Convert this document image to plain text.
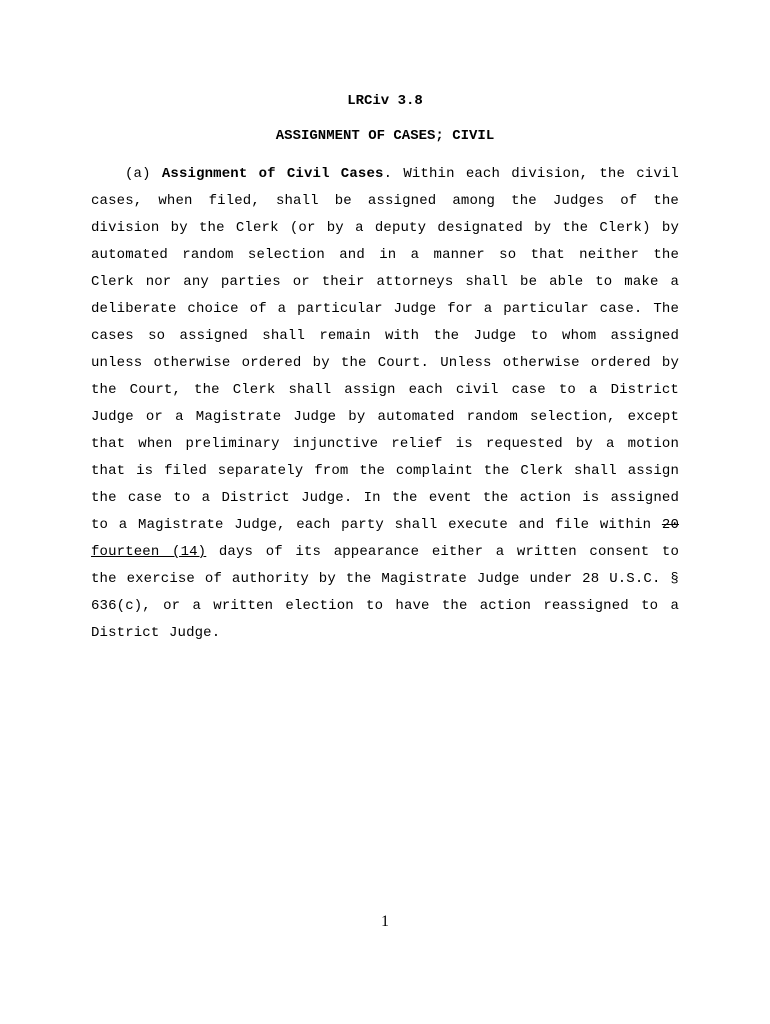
LRCiv 3.8

ASSIGNMENT OF CASES; CIVIL

(a) Assignment of Civil Cases. Within each division, the civil cases, when filed, shall be assigned among the Judges of the division by the Clerk (or by a deputy designated by the Clerk) by automated random selection and in a manner so that neither the Clerk nor any parties or their attorneys shall be able to make a deliberate choice of a particular Judge for a particular case. The cases so assigned shall remain with the Judge to whom assigned unless otherwise ordered by the Court. Unless otherwise ordered by the Court, the Clerk shall assign each civil case to a District Judge or a Magistrate Judge by automated random selection, except that when preliminary injunctive relief is requested by a motion that is filed separately from the complaint the Clerk shall assign the case to a District Judge. In the event the action is assigned to a Magistrate Judge, each party shall execute and file within 20 fourteen (14) days of its appearance either a written consent to the exercise of authority by the Magistrate Judge under 28 U.S.C. § 636(c), or a written election to have the action reassigned to a District Judge.

1
